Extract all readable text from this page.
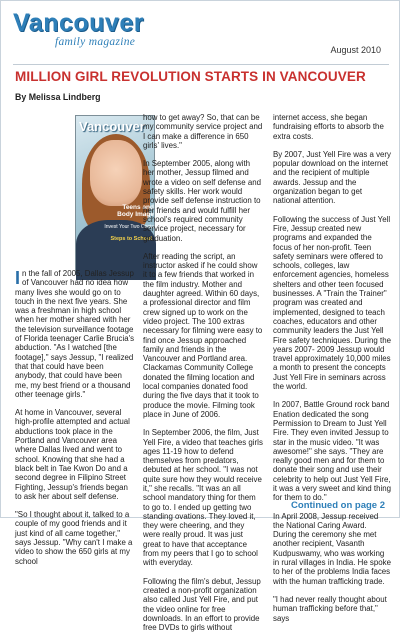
Vancouver
family magazine
August 2010
MILLION GIRL REVOLUTION STARTS IN VANCOUVER
By Melissa Lindberg
Vancouver
Teens and Body Image
Invest Your Two Cents
Steps to School

In the fall of 2005, Dallas Jessup of Vancouver had no idea how many lives she would go on to touch in the next five years. She was a freshman in high school when her mother shared with her the television surveillance footage of Florida teenager Carlie Brucia's abduction. "As I watched [the footage]," says Jessup, "I realized that that could have been anybody, that could have been me, my best friend or a thousand other teenage girls."

At home in Vancouver, several high-profile attempted and actual abductions took place in the Portland and Vancouver area where Dallas lived and went to school. Knowing that she had a black belt in Tae Kwon Do and a second degree in Filipino Street Fighting, Jessup's friends began to ask her about self defense.

"So I thought about it, talked to a couple of my good friends and it just kind of all came together," says Jessup. "Why can't I make a video to show the 650 girls at my school

how to get away? So, that can be my community service project and I can make a difference in 650 girls' lives."

In September 2005, along with her mother, Jessup filmed and wrote a video on self defense and safety skills. Her work would provide self defense instruction to her friends and would fulfill her school's required community service project, necessary for graduation.

After reading the script, an instructor asked if he could show it to a few friends that worked in the film industry. Mother and daughter agreed. Within 60 days, a professional director and film crew signed up to work on the video project. The 100 extras necessary for filming were easy to find once Jessup approached family and friends in the Vancouver and Portland area. Clackamas Community College donated the filming location and local companies donated food during the five days that it took to produce the movie. Filming took place in June of 2006.

In September 2006, the film, Just Yell Fire, a video that teaches girls ages 11-19 how to defend themselves from predators, debuted at her school. "I was not quite sure how they would receive it," she recalls. "It was an all school mandatory thing for them to go to. I ended up getting two standing ovations. They loved it, they were cheering, and they were really proud. It was just great to have that acceptance from my peers that I go to school with everyday.

Following the film's debut, Jessup created a non-profit organization also called Just Yell Fire, and put the video online for free downloads. In an effort to provide free DVDs to girls without

internet access, she began fundraising efforts to absorb the extra costs.

By 2007, Just Yell Fire was a very popular download on the internet and the recipient of multiple awards. Jessup and the organization began to get national attention.

Following the success of Just Yell Fire, Jessup created new programs and expanded the focus of her non-profit. Teen safety seminars were offered to schools, colleges, law enforcement agencies, homeless shelters and other teen focused businesses. A "Train the Trainer" program was created and implemented, designed to teach coaches, educators and other community leaders the Just Yell Fire safety techniques. During the years 2007- 2009 Jessup would travel approximately 10,000 miles a month to present the concepts Just Yell Fire in seminars across the world.

In 2007, Battle Ground rock band Enation dedicated the song Permission to Dream to Just Yell Fire. They even invited Jessup to star in the music video. "It was awesome!" she says. "They are really good men and for them to donate their song and use their celebrity to help out Just Yell Fire, it was a very sweet and kind thing for them to do."

In April 2008, Jessup received the National Caring Award. During the ceremony she met another recipient, Vasanth Kudpuswamy, who was working in rural villages in India. He spoke to her of the problems India faces with the human trafficking trade.

"I had never really thought about human trafficking before that," says

Continued on page 2
